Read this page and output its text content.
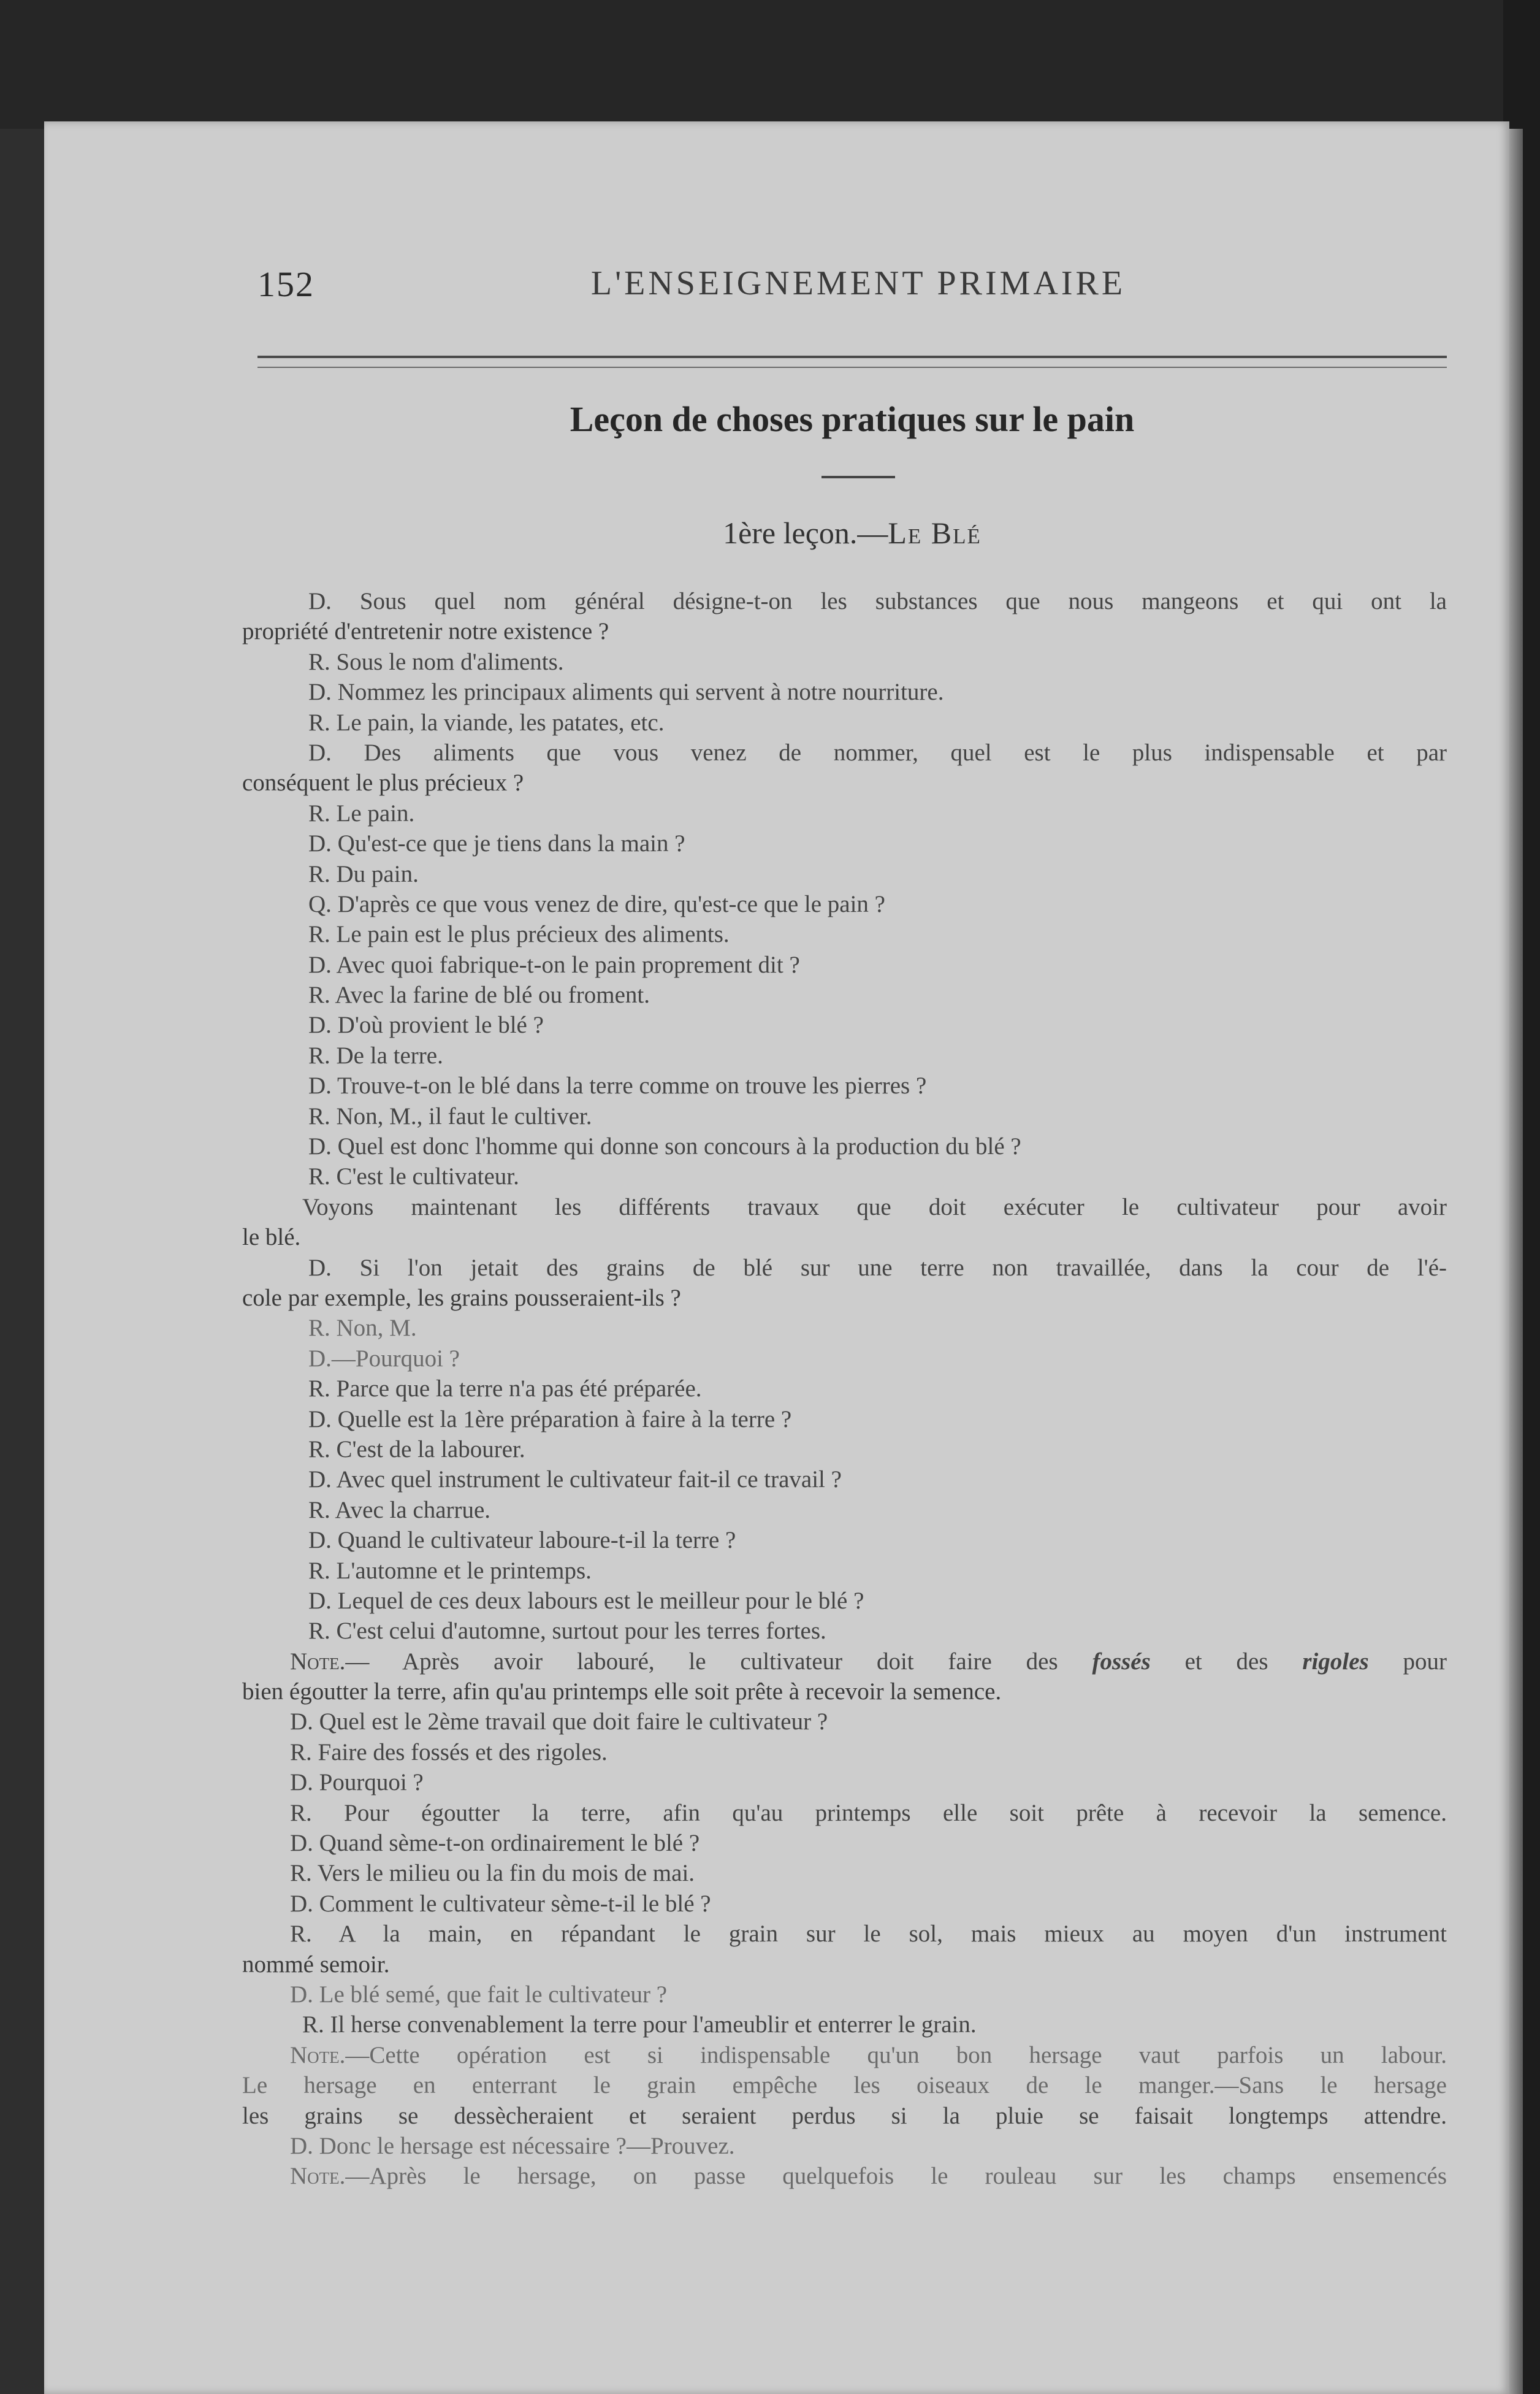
152	L'ENSEIGNEMENT PRIMAIRE
Leçon de choses pratiques sur le pain
1ère leçon.—Le Blé
D. Sous quel nom général désigne-t-on les substances que nous mangeons et qui ont la
propriété d'entretenir notre existence ?
R. Sous le nom d'aliments.
D. Nommez les principaux aliments qui servent à notre nourriture.
R. Le pain, la viande, les patates, etc.
D. Des aliments que vous venez de nommer, quel est le plus indispensable et par
conséquent le plus précieux ?
R. Le pain.
D. Qu'est-ce que je tiens dans la main ?
R. Du pain.
Q. D'après ce que vous venez de dire, qu'est-ce que le pain ?
R. Le pain est le plus précieux des aliments.
D. Avec quoi fabrique-t-on le pain proprement dit ?
R. Avec la farine de blé ou froment.
D. D'où provient le blé ?
R. De la terre.
D. Trouve-t-on le blé dans la terre comme on trouve les pierres ?
R. Non, M., il faut le cultiver.
D. Quel est donc l'homme qui donne son concours à la production du blé ?
R. C'est le cultivateur.
Voyons maintenant les différents travaux que doit exécuter le cultivateur pour avoir
le blé.
D. Si l'on jetait des grains de blé sur une terre non travaillée, dans la cour de l'é-
cole par exemple, les grains pousseraient-ils ?
R. Non, M.
D.—Pourquoi ?
R. Parce que la terre n'a pas été préparée.
D. Quelle est la 1ère préparation à faire à la terre ?
R. C'est de la labourer.
D. Avec quel instrument le cultivateur fait-il ce travail ?
R. Avec la charrue.
D. Quand le cultivateur laboure-t-il la terre ?
R. L'automne et le printemps.
D. Lequel de ces deux labours est le meilleur pour le blé ?
R. C'est celui d'automne, surtout pour les terres fortes.
Note.— Après avoir labouré, le cultivateur doit faire des fossés et des rigoles pour
bien égoutter la terre, afin qu'au printemps elle soit prête à recevoir la semence.
D. Quel est le 2ème travail que doit faire le cultivateur ?
R. Faire des fossés et des rigoles.
D. Pourquoi ?
R. Pour égoutter la terre, afin qu'au printemps elle soit prête à recevoir la semence.
D. Quand sème-t-on ordinairement le blé ?
R. Vers le milieu ou la fin du mois de mai.
D. Comment le cultivateur sème-t-il le blé ?
R. A la main, en répandant le grain sur le sol, mais mieux au moyen d'un instrument
nommé semoir.
D. Le blé semé, que fait le cultivateur ?
R. Il herse convenablement la terre pour l'ameublir et enterrer le grain.
Note.—Cette opération est si indispensable qu'un bon hersage vaut parfois un labour.
Le hersage en enterrant le grain empêche les oiseaux de le manger.—Sans le hersage
les grains se dessècheraient et seraient perdus si la pluie se faisait longtemps attendre.
D. Donc le hersage est nécessaire ?—Prouvez.
Note.—Après le hersage, on passe quelquefois le rouleau sur les champs ensemencés
